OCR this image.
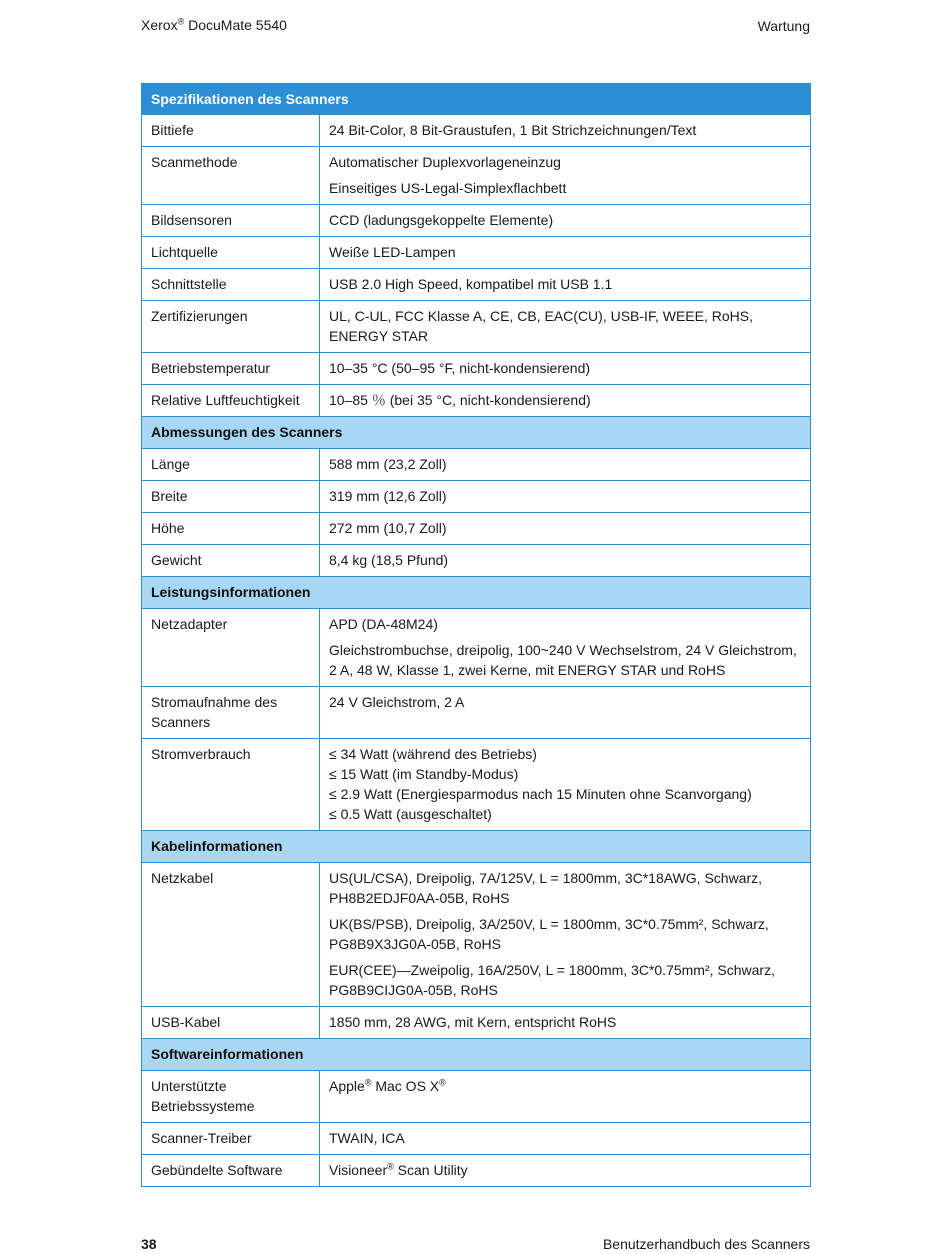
Xerox® DocuMate 5540	Wartung
Spezifikationen des Scanners	
Bittiefe	24 Bit-Color, 8 Bit-Graustufen, 1 Bit Strichzeichnungen/Text
Scanmethode	Automatischer Duplexvorlageneinzug
Einseitiges US-Legal-Simplexflachbett

Bildsensoren	CCD (ladungsgekoppelte Elemente)
Lichtquelle	Weiße LED-Lampen
Schnittstelle	USB 2.0 High Speed, kompatibel mit USB 1.1
Zertifizierungen	UL, C-UL, FCC Klasse A, CE, CB, EAC(CU), USB-IF, WEEE, RoHS, ENERGY STAR
Betriebstemperatur	10–35 °C (50–95 °F, nicht-kondensierend)
Relative Luftfeuchtigkeit	10–85 ％ (bei 35 °C, nicht-kondensierend)
Abmessungen des Scanners	
Länge	588 mm (23,2 Zoll)
Breite	319 mm (12,6 Zoll)
Höhe	272 mm (10,7 Zoll)
Gewicht	8,4 kg (18,5 Pfund)
Leistungsinformationen	
Netzadapter	APD (DA-48M24)
Gleichstrombuchse, dreipolig, 100~240 V Wechselstrom, 24 V Gleichstrom, 2 A, 48 W, Klasse 1, zwei Kerne, mit ENERGY STAR und RoHS

Stromaufnahme des Scanners	24 V Gleichstrom, 2 A
Stromverbrauch	≤ 34 Watt (während des Betriebs)
≤ 15 Watt (im Standby-Modus)
≤ 2.9 Watt (Energiesparmodus nach 15 Minuten ohne Scanvorgang)
≤ 0.5 Watt (ausgeschaltet)

Kabelinformationen	
Netzkabel	US(UL/CSA), Dreipolig, 7A/125V, L = 1800mm, 3C*18AWG, Schwarz, PH8B2EDJF0AA-05B, RoHS
UK(BS/PSB), Dreipolig, 3A/250V, L = 1800mm, 3C*0.75mm², Schwarz, PG8B9X3JG0A-05B, RoHS
EUR(CEE)—Zweipolig, 16A/250V, L = 1800mm, 3C*0.75mm², Schwarz, PG8B9CIJG0A-05B, RoHS

USB-Kabel	1850 mm, 28 AWG, mit Kern, entspricht RoHS
Softwareinformationen	
Unterstützte Betriebssysteme	Apple® Mac OS X®
Scanner-Treiber	TWAIN, ICA
Gebündelte Software	Visioneer® Scan Utility
38	Benutzerhandbuch des Scanners
